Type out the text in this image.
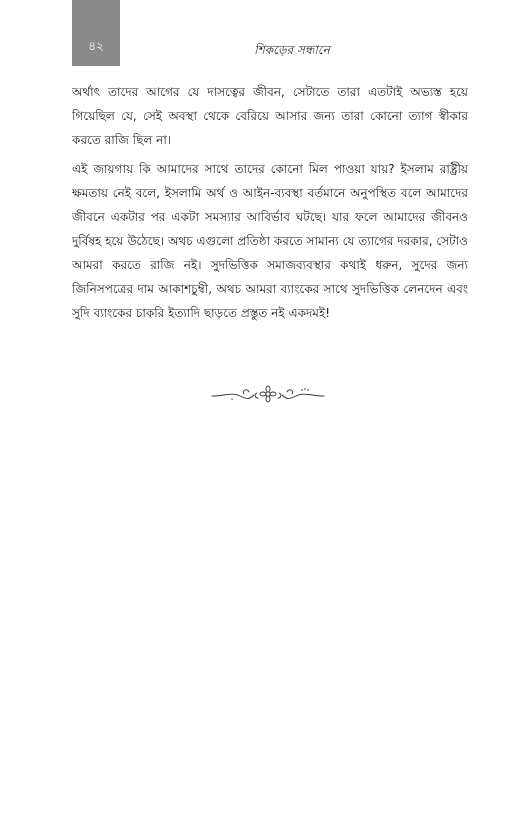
৪২	শিকড়ের সন্ধানে

অর্থাৎ তাদের আগের যে দাসত্বের জীবন, সেটাতে তারা এতটাই অভ্যস্ত হয়ে গিয়েছিল যে, সেই অবস্থা থেকে বেরিয়ে আসার জন্য তারা কোনো ত্যাগ স্বীকার করতে রাজি ছিল না।

এই জায়গায় কি আমাদের সাথে তাদের কোনো মিল পাওয়া যায়? ইসলাম রাষ্ট্রীয় ক্ষমতায় নেই বলে, ইসলামি অর্থ ও আইন-ব্যবস্থা বর্তমানে অনুপস্থিত বলে আমাদের জীবনে একটার পর একটা সমস্যার আবির্ভাব ঘটছে। যার ফলে আমাদের জীবনও দুর্বিষহ হয়ে উঠেছে। অথচ এগুলো প্রতিষ্ঠা করতে সামান্য যে ত্যাগের দরকার, সেটাও আমরা করতে রাজি নই। সুদভিত্তিক সমাজব্যবস্থার কথাই ধরুন, সুদের জন্য জিনিসপত্রের দাম আকাশচুম্বী, অথচ আমরা ব্যাংকের সাথে সুদভিত্তিক লেনদেন এবং সুদি ব্যাংকের চাকরি ইত্যাদি ছাড়তে প্রস্তুত নই একদমই!
